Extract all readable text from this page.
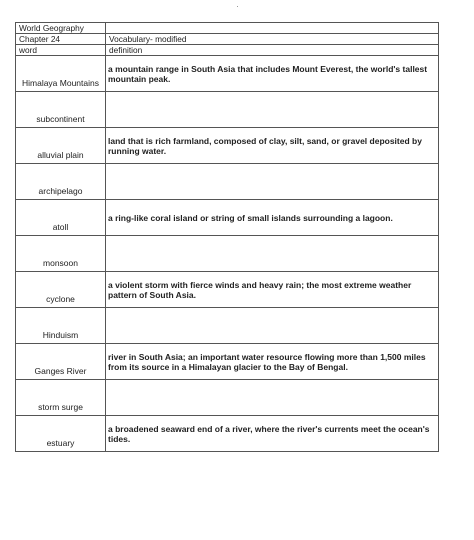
World Geography	
Chapter 24	Vocabulary- modified
word	definition
Himalaya Mountains	a mountain range in South Asia that includes Mount Everest, the world's tallest mountain peak.
subcontinent	
alluvial plain	land that is rich farmland, composed of clay, silt, sand, or gravel deposited by running water.
archipelago	
atoll	a ring-like coral island or string of small islands surrounding a lagoon.
monsoon	
cyclone	a violent storm with fierce winds and heavy rain; the most extreme weather pattern of South Asia.
Hinduism	
Ganges River	river in South Asia; an important water resource flowing more than 1,500 miles from its source in a Himalayan glacier to the Bay of Bengal.
storm surge	
estuary	a broadened seaward end of a river, where the river's currents meet the ocean's tides.
